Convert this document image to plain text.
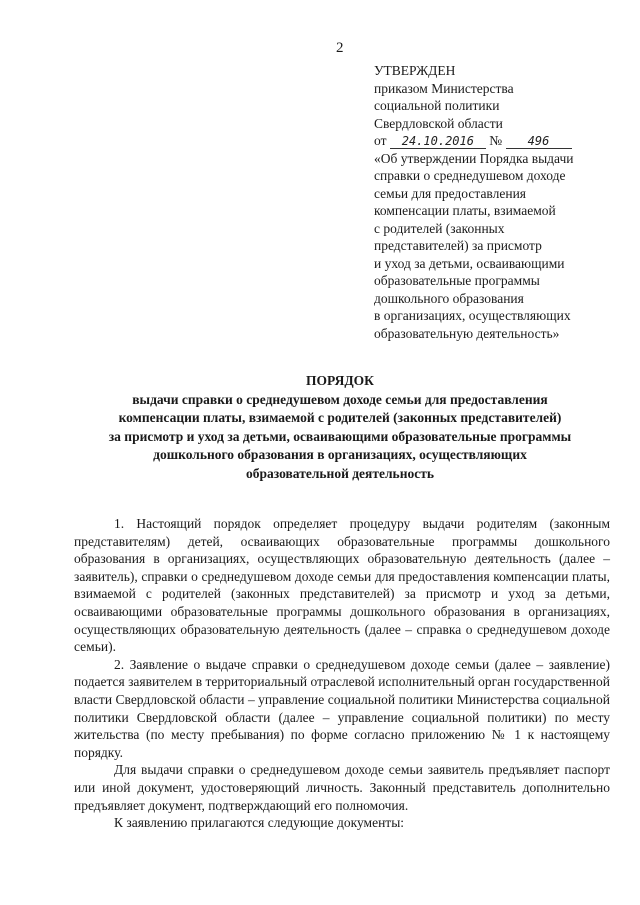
2
УТВЕРЖДЕН
приказом Министерства
социальной политики
Свердловской области
от 24.10.2016 № 496
«Об утверждении Порядка выдачи
справки о среднедушевом доходе
семьи для предоставления
компенсации платы, взимаемой
с родителей (законных
представителей) за присмотр
и уход за детьми, осваивающими
образовательные программы
дошкольного образования
в организациях, осуществляющих
образовательную деятельность»
ПОРЯДОК
выдачи справки о среднедушевом доходе семьи для предоставления
компенсации платы, взимаемой с родителей (законных представителей)
за присмотр и уход за детьми, осваивающими образовательные программы
дошкольного образования в организациях, осуществляющих
образовательной деятельность

1. Настоящий порядок определяет процедуру выдачи родителям (законным представителям) детей, осваивающих образовательные программы дошкольного образования в организациях, осуществляющих образовательную деятельность (далее – заявитель), справки о среднедушевом доходе семьи для предоставления компенсации платы, взимаемой с родителей (законных представителей) за присмотр и уход за детьми, осваивающими образовательные программы дошкольного образования в организациях, осуществляющих образовательную деятельность (далее – справка о среднедушевом доходе семьи).

2. Заявление о выдаче справки о среднедушевом доходе семьи (далее – заявление) подается заявителем в территориальный отраслевой исполнительный орган государственной власти Свердловской области – управление социальной политики Министерства социальной политики Свердловской области (далее – управление социальной политики) по месту жительства (по месту пребывания) по форме согласно приложению № 1 к настоящему порядку.

Для выдачи справки о среднедушевом доходе семьи заявитель предъявляет паспорт или иной документ, удостоверяющий личность. Законный представитель дополнительно предъявляет документ, подтверждающий его полномочия.

К заявлению прилагаются следующие документы:
